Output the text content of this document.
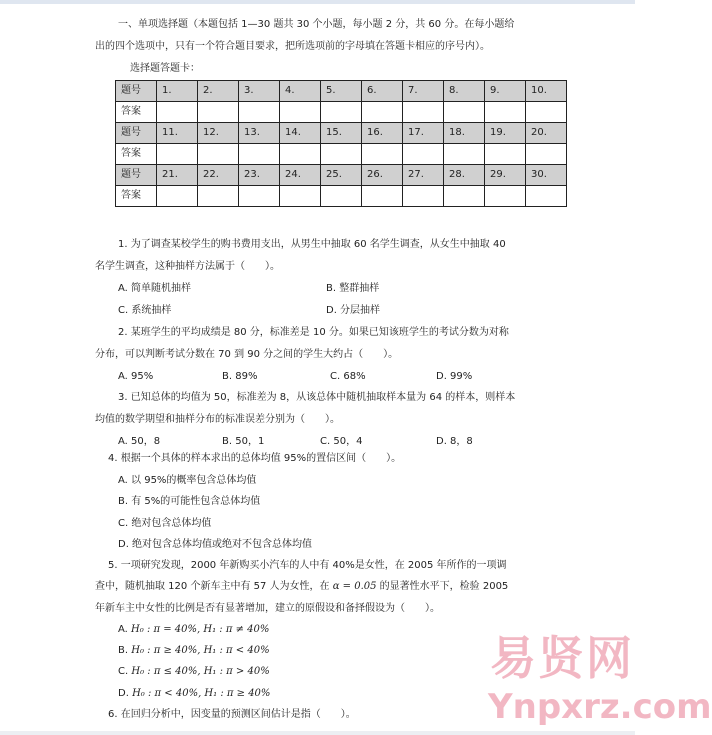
一、单项选择题（本题包括 1—30 题共 30 个小题，每小题 2 分，共 60 分。在每小题给
出的四个选项中，只有一个符合题目要求，把所选项前的字母填在答题卡相应的序号内）。
选择题答题卡：
题号	1.	2.	3.	4.	5.	6.	7.	8.	9.	10.
答案										
题号	11.	12.	13.	14.	15.	16.	17.	18.	19.	20.
答案										
题号	21.	22.	23.	24.	25.	26.	27.	28.	29.	30.
答案										
1. 为了调查某校学生的购书费用支出，从男生中抽取 60 名学生调查，从女生中抽取 40
名学生调查，这种抽样方法属于（　　）。
A. 简单随机抽样	B. 整群抽样
C. 系统抽样	D. 分层抽样
2. 某班学生的平均成绩是 80 分，标准差是 10 分。如果已知该班学生的考试分数为对称
分布，可以判断考试分数在 70 到 90 分之间的学生大约占（　　）。
A. 95%	B. 89%	C. 68%	D. 99%
3. 已知总体的均值为 50，标准差为 8，从该总体中随机抽取样本量为 64 的样本，则样本
均值的数学期望和抽样分布的标准误差分别为（　　）。
A. 50，8	B. 50，1	C. 50，4	D. 8，8
4. 根据一个具体的样本求出的总体均值 95%的置信区间（　　）。
A. 以 95%的概率包含总体均值
B. 有 5%的可能性包含总体均值
C. 绝对包含总体均值
D. 绝对包含总体均值或绝对不包含总体均值
5. 一项研究发现，2000 年新购买小汽车的人中有 40%是女性，在 2005 年所作的一项调
查中，随机抽取 120 个新车主中有 57 人为女性，在 α = 0.05 的显著性水平下，检验 2005
年新车主中女性的比例是否有显著增加，建立的原假设和备择假设为（　　）。
A. H₀ : π = 40%, H₁ : π ≠ 40%
B. H₀ : π ≥ 40%, H₁ : π < 40%
C. H₀ : π ≤ 40%, H₁ : π > 40%
D. H₀ : π < 40%, H₁ : π ≥ 40%
6. 在回归分析中，因变量的预测区间估计是指（　　）。
易贤网
Ynpxrz.com
